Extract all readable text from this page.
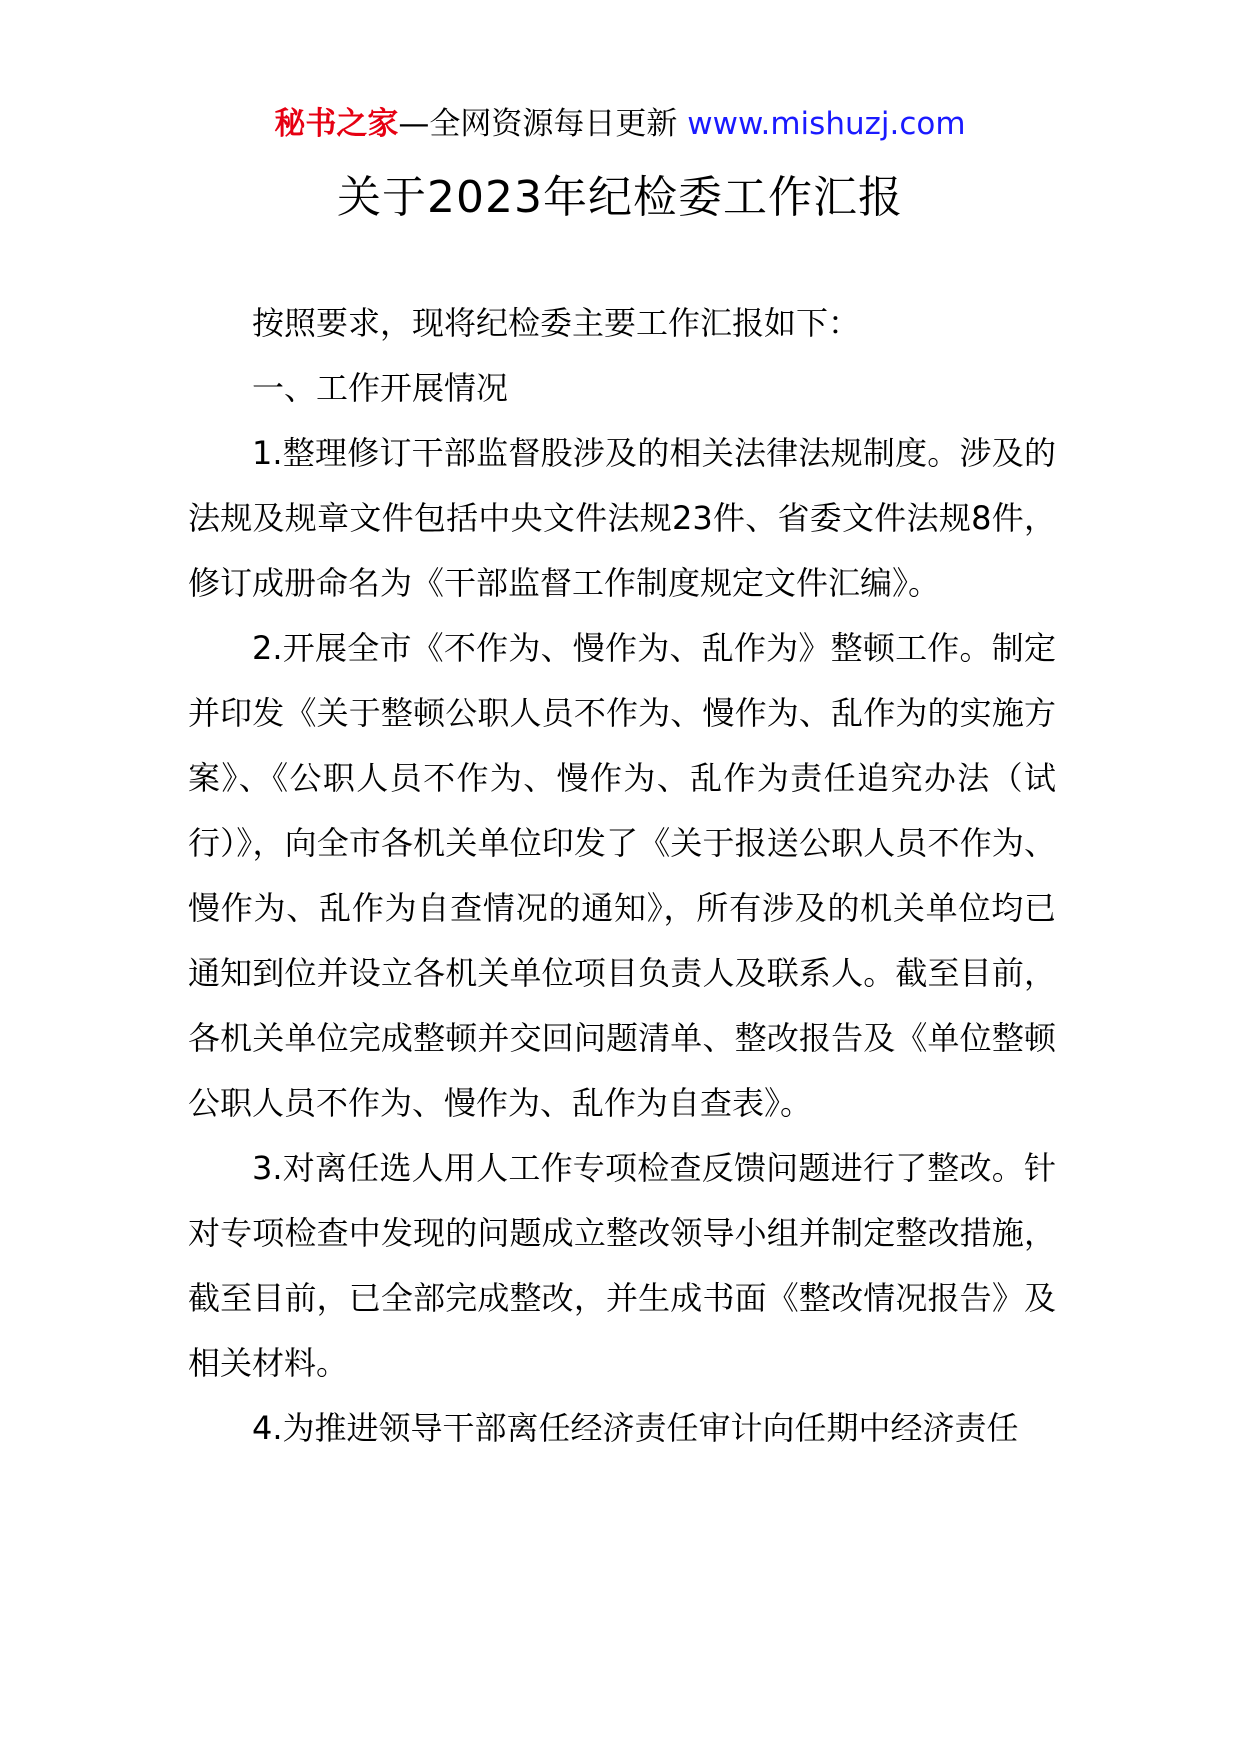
秘书之家—全网资源每日更新 www.mishuzj.com
关于2023年纪检委工作汇报

按照要求，现将纪检委主要工作汇报如下：

一、工作开展情况

1.整理修订干部监督股涉及的相关法律法规制度。涉及的法规及规章文件包括中央文件法规23件、省委文件法规8件，修订成册命名为《干部监督工作制度规定文件汇编》。

2.开展全市《不作为、慢作为、乱作为》整顿工作。制定并印发《关于整顿公职人员不作为、慢作为、乱作为的实施方案》、《公职人员不作为、慢作为、乱作为责任追究办法（试行）》，向全市各机关单位印发了《关于报送公职人员不作为、慢作为、乱作为自查情况的通知》，所有涉及的机关单位均已通知到位并设立各机关单位项目负责人及联系人。截至目前，各机关单位完成整顿并交回问题清单、整改报告及《单位整顿公职人员不作为、慢作为、乱作为自查表》。

3.对离任选人用人工作专项检查反馈问题进行了整改。针对专项检查中发现的问题成立整改领导小组并制定整改措施，截至目前，已全部完成整改，并生成书面《整改情况报告》及相关材料。

4.为推进领导干部离任经济责任审计向任期中经济责任
